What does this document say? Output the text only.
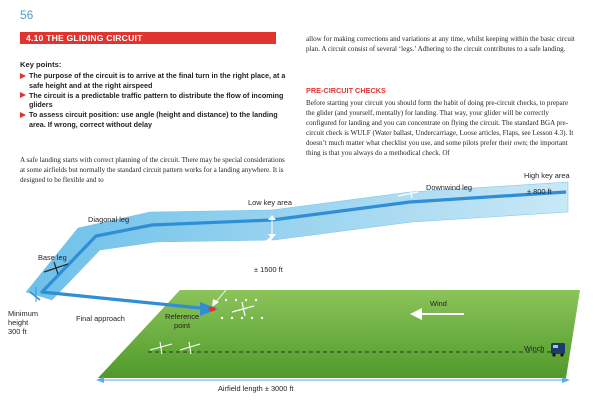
56
4.10 THE GLIDING CIRCUIT
Key points:
The purpose of the circuit is to arrive at the final turn in the right place, at a safe height and at the right airspeed
The circuit is a predictable traffic pattern to distribute the flow of incoming gliders
To assess circuit position: use angle (height and distance) to the landing area. If wrong, correct without delay

A safe landing starts with correct planning of the circuit. There may be special considerations at some airfields but normally the standard circuit pattern works for a landing anywhere. It is designed to be flexible and to

allow for making corrections and variations at any time, whilst keeping within the basic circuit plan. A circuit consist of several ‘legs.’ Adhering to the circuit contributes to a safe landing.

PRE-CIRCUIT CHECKS

Before starting your circuit you should form the habit of doing pre-circuit checks, to prepare the glider (and yourself, mentally) for landing. That way, your glider will be correctly configured for landing and you can concentrate on flying the circuit. The standard BGA pre-circuit check is WULF (Water ballast, Undercarriage, Loose articles, Flaps, see Lesson 4.3). It doesn’t much matter what checklist you use, and some pilots prefer their own; the important thing is that you always do a methodical check. Of

Low key area
Downwind leg
High key area
± 800 ft
Diagonal leg
Base leg
± 1500 ft
Wind
Minimum
height
300 ft
Final approach	Reference
point
Winch
Airfield length ± 3000 ft
